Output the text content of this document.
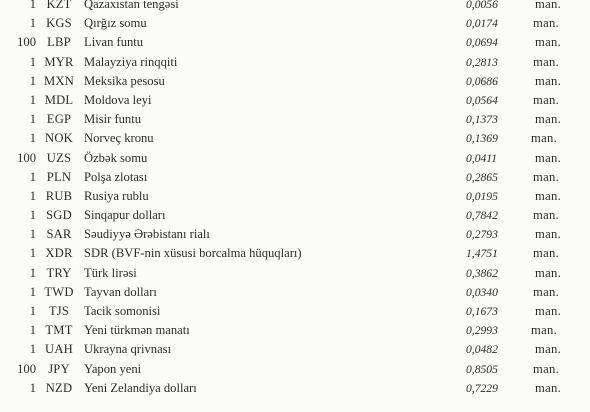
1 KZT Qazaxıstan tengəsi	0,0056	man.
1 KGS Qırğız somu	0,0174	man.
100 LBP	Livan funtu	0,0694	man.
1 MYR Malayziya rinqqiti	0,2813	man.
1 MXN Meksika pesosu	0,0686	man.
1 MDL Moldova leyi	0,0564	man.
1 EGP	Misir funtu	0,1373	man.
1 NOK Norveç kronu	0,1369	man.
100 UZS	Özbək somu	0,0411	man.
1 PLN	Polşa zlotası	0,2865	man.
1 RUB Rusiya rublu	0,0195	man.
1 SGD Sinqapur dolları	0,7842	man.
1 SAR Səudiyyə Ərəbistanı rialı	0,2793	man.
1 XDR SDR (BVF-nin xüsusi borcalma hüquqları)	1,4751	man.
1 TRY Türk lirəsi	0,3862	man.
1 TWD Tayvan dolları	0,0340	man.
1	TJS	Tacik somonisi	0,1673	man.
1 TMT Yeni türkmən manatı	0,2993	man.
1 UAH Ukrayna qrivnası	0,0482	man.
100 JPY	Yapon yeni	0,8505	man.
1 NZD Yeni Zelandiya dolları	0,7229	man.
